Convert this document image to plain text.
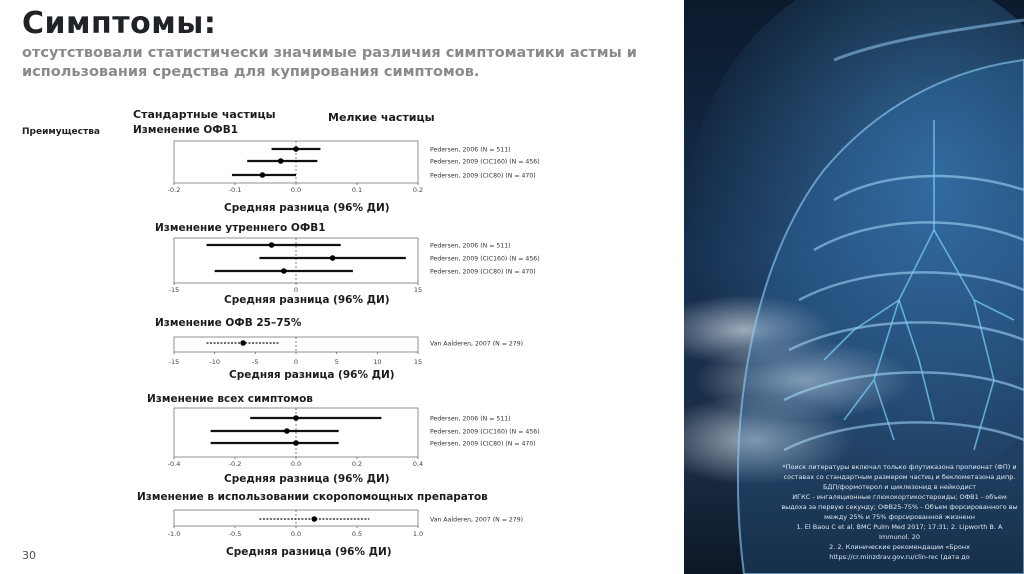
Симптомы:
отсутствовали статистически значимые различия симптоматики астмы и использования средства для купирования симптомов.
Стандартные частицы	Мелкие частицы
Преимущества	Изменение ОФВ1
Изменение утреннего ОФВ1
Изменение ОФВ 25–75%
Изменение всех симптомов
Изменение в использовании скоропомощных препаратов
Средняя разница (96% ДИ)
Средняя разница (96% ДИ)
Средняя разница (96% ДИ)
Средняя разница (96% ДИ)
Средняя разница (96% ДИ)
Pedersen, 2006 (N = 511)
Pedersen, 2009 (CIC160) (N = 456)
Pedersen, 2009 (CIC80) (N = 470)
-0.2	-0.1	0.0	0.1	0.2
Pedersen, 2006 (N = 511)
Pedersen, 2009 (CIC160) (N = 456)
Pedersen, 2009 (CIC80) (N = 470)
-15	0	15
Van Aalderen, 2007 (N = 279)
-15	-10	-5	0	5	10	15
Pedersen, 2006 (N = 511)
Pedersen, 2009 (CIC160) (N = 456)
Pedersen, 2009 (CIC80) (N = 470)
-0.4	-0.2	0.0	0.2	0.4
Van Aalderen, 2007 (N = 279)
-1.0	-0.5	0.0	0.5	1.0
30
*Поиск литературы включал только флутиказона пропионат (ФП) и
составах со стандартным размером частиц и беклометазона дипр.
БДП/формотерол и циклезонид в нейкодист
ИГКС - ингаляционные глюкокортикостероиды; ОФВ1 - объем
выдоха за первую секунду; ОФВ25-75% - Объем форсированного вы
между 25% и 75% форсированной жизненн
1. El Baou C et al. BMC Pulm Med 2017; 17:31; 2. Lipworth B. A
Immunol. 20
2. 2. Клинические рекомендации «Бронх
https://cr.minzdrav.gov.ru/clin-rec (дата до
